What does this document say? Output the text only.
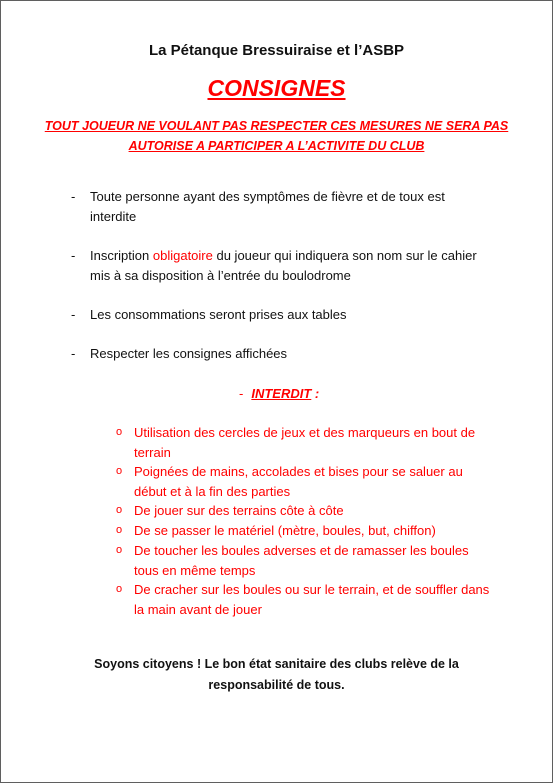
La Pétanque Bressuiraise et l’ASBP
CONSIGNES
TOUT JOUEUR NE VOULANT PAS RESPECTER CES MESURES NE SERA PAS AUTORISE A PARTICIPER A L’ACTIVITE DU CLUB
- Toute personne ayant des symptômes de fièvre et de toux est interdite
- Inscription obligatoire du joueur qui indiquera son nom sur le cahier mis à sa disposition à l’entrée du boulodrome
- Les consommations seront prises aux tables
- Respecter les consignes affichées
- INTERDIT :
o Utilisation des cercles de jeux et des marqueurs en bout de terrain
o Poignées de mains, accolades et bises pour se saluer au début et à la fin des parties
o De jouer sur des terrains côte à côte
o De se passer le matériel (mètre, boules, but, chiffon)
o De toucher les boules adverses et de ramasser les boules tous en même temps
o De cracher sur les boules ou sur le terrain, et de souffler dans la main avant de jouer
Soyons citoyens ! Le bon état sanitaire des clubs relève de la responsabilité de tous.
